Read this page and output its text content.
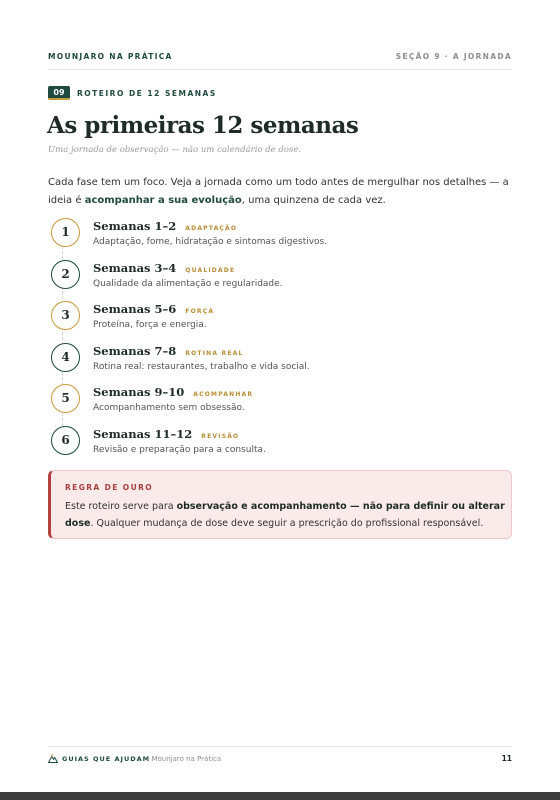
MOUNJARO NA PRÁTICA	SEÇÃO 9 · A JORNADA
09	ROTEIRO DE 12 SEMANAS
As primeiras 12 semanas
Uma jornada de observação — não um calendário de dose.

Cada fase tem um foco. Veja a jornada como um todo antes de mergulhar nos detalhes — a ideia é acompanhar a sua evolução, uma quinzena de cada vez.

1	Semanas 1–2 ADAPTAÇÃO
Adaptação, fome, hidratação e sintomas digestivos.
2	Semanas 3–4 QUALIDADE
Qualidade da alimentação e regularidade.
3	Semanas 5–6 FORÇA
Proteína, força e energia.
4	Semanas 7–8 ROTINA REAL
Rotina real: restaurantes, trabalho e vida social.
5	Semanas 9–10 ACOMPANHAR
Acompanhamento sem obsessão.
6	Semanas 11–12 REVISÃO
Revisão e preparação para a consulta.
REGRA DE OURO

Este roteiro serve para observação e acompanhamento — não para definir ou alterar dose. Qualquer mudança de dose deve seguir a prescrição do profissional responsável.

GUIAS QUE AJUDAM
· Mounjaro na Prática	11
